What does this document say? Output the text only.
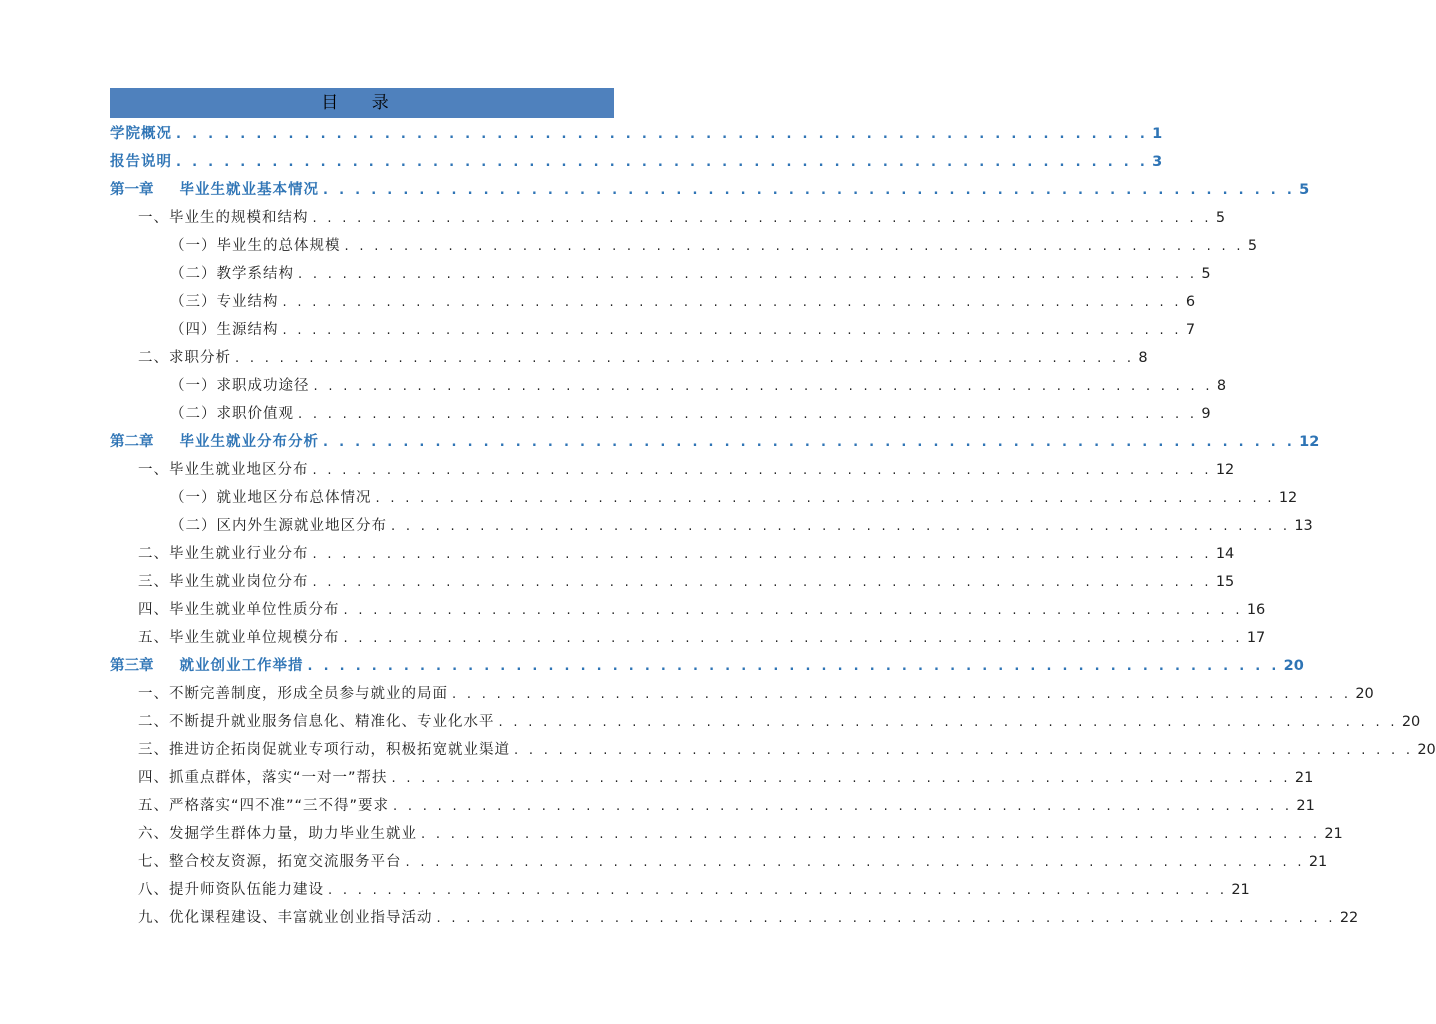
目 录
学院概况 . . . . . . . . . . . . . . . . . . . . . . . . . . . . . . . . . . . . . . . . . . . . . . . . . . . . . . . . . . . . . 1
报告说明 . . . . . . . . . . . . . . . . . . . . . . . . . . . . . . . . . . . . . . . . . . . . . . . . . . . . . . . . . . . . . 3
第一章 毕业生就业基本情况 . . . . . . . . . . . . . . . . . . . . . . . . . . . . . . . . . . . . . . . . . . . . . . . . . . . . . . . . . . . . . 5
一、毕业生的规模和结构 . . . . . . . . . . . . . . . . . . . . . . . . . . . . . . . . . . . . . . . . . . . . . . . . . . . . . . . . . . . . . 5
（一）毕业生的总体规模 . . . . . . . . . . . . . . . . . . . . . . . . . . . . . . . . . . . . . . . . . . . . . . . . . . . . . . . . . . . . . 5
（二）教学系结构 . . . . . . . . . . . . . . . . . . . . . . . . . . . . . . . . . . . . . . . . . . . . . . . . . . . . . . . . . . . . . 5
（三）专业结构 . . . . . . . . . . . . . . . . . . . . . . . . . . . . . . . . . . . . . . . . . . . . . . . . . . . . . . . . . . . . . 6
（四）生源结构 . . . . . . . . . . . . . . . . . . . . . . . . . . . . . . . . . . . . . . . . . . . . . . . . . . . . . . . . . . . . . 7
二、求职分析 . . . . . . . . . . . . . . . . . . . . . . . . . . . . . . . . . . . . . . . . . . . . . . . . . . . . . . . . . . . . . 8
（一）求职成功途径 . . . . . . . . . . . . . . . . . . . . . . . . . . . . . . . . . . . . . . . . . . . . . . . . . . . . . . . . . . . . . 8
（二）求职价值观 . . . . . . . . . . . . . . . . . . . . . . . . . . . . . . . . . . . . . . . . . . . . . . . . . . . . . . . . . . . . . 9
第二章 毕业生就业分布分析 . . . . . . . . . . . . . . . . . . . . . . . . . . . . . . . . . . . . . . . . . . . . . . . . . . . . . . . . . . . . . 12
一、毕业生就业地区分布 . . . . . . . . . . . . . . . . . . . . . . . . . . . . . . . . . . . . . . . . . . . . . . . . . . . . . . . . . . . . . 12
（一）就业地区分布总体情况 . . . . . . . . . . . . . . . . . . . . . . . . . . . . . . . . . . . . . . . . . . . . . . . . . . . . . . . . . . . . . 12
（二）区内外生源就业地区分布 . . . . . . . . . . . . . . . . . . . . . . . . . . . . . . . . . . . . . . . . . . . . . . . . . . . . . . . . . . . . . 13
二、毕业生就业行业分布 . . . . . . . . . . . . . . . . . . . . . . . . . . . . . . . . . . . . . . . . . . . . . . . . . . . . . . . . . . . . . 14
三、毕业生就业岗位分布 . . . . . . . . . . . . . . . . . . . . . . . . . . . . . . . . . . . . . . . . . . . . . . . . . . . . . . . . . . . . . 15
四、毕业生就业单位性质分布 . . . . . . . . . . . . . . . . . . . . . . . . . . . . . . . . . . . . . . . . . . . . . . . . . . . . . . . . . . . . . 16
五、毕业生就业单位规模分布 . . . . . . . . . . . . . . . . . . . . . . . . . . . . . . . . . . . . . . . . . . . . . . . . . . . . . . . . . . . . . 17
第三章 就业创业工作举措 . . . . . . . . . . . . . . . . . . . . . . . . . . . . . . . . . . . . . . . . . . . . . . . . . . . . . . . . . . . . . 20
一、不断完善制度，形成全员参与就业的局面 . . . . . . . . . . . . . . . . . . . . . . . . . . . . . . . . . . . . . . . . . . . . . . . . . . . . . . . . . . . . . 20
二、不断提升就业服务信息化、精准化、专业化水平 . . . . . . . . . . . . . . . . . . . . . . . . . . . . . . . . . . . . . . . . . . . . . . . . . . . . . . . . . . . . . 20
三、推进访企拓岗促就业专项行动，积极拓宽就业渠道 . . . . . . . . . . . . . . . . . . . . . . . . . . . . . . . . . . . . . . . . . . . . . . . . . . . . . . . . . . . . . 20
四、抓重点群体，落实“一对一”帮扶 . . . . . . . . . . . . . . . . . . . . . . . . . . . . . . . . . . . . . . . . . . . . . . . . . . . . . . . . . . . . . 21
五、严格落实“四不准”“三不得”要求 . . . . . . . . . . . . . . . . . . . . . . . . . . . . . . . . . . . . . . . . . . . . . . . . . . . . . . . . . . . . . 21
六、发掘学生群体力量，助力毕业生就业 . . . . . . . . . . . . . . . . . . . . . . . . . . . . . . . . . . . . . . . . . . . . . . . . . . . . . . . . . . . . . 21
七、整合校友资源，拓宽交流服务平台 . . . . . . . . . . . . . . . . . . . . . . . . . . . . . . . . . . . . . . . . . . . . . . . . . . . . . . . . . . . . . 21
八、提升师资队伍能力建设 . . . . . . . . . . . . . . . . . . . . . . . . . . . . . . . . . . . . . . . . . . . . . . . . . . . . . . . . . . . . . 21
九、优化课程建设、丰富就业创业指导活动 . . . . . . . . . . . . . . . . . . . . . . . . . . . . . . . . . . . . . . . . . . . . . . . . . . . . . . . . . . . . . 22
